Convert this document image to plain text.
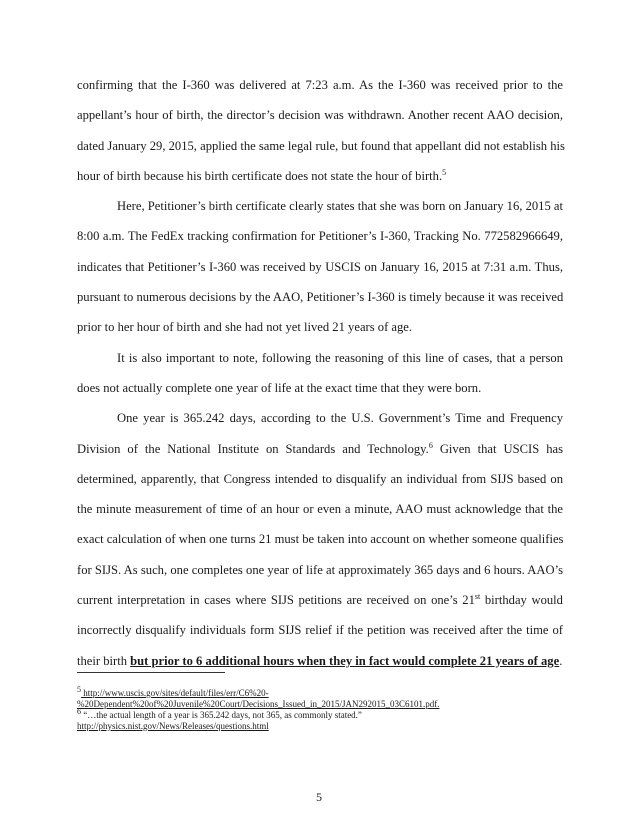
confirming that the I-360 was delivered at 7:23 a.m. As the I-360 was received prior to the
appellant’s hour of birth, the director’s decision was withdrawn. Another recent AAO decision,
dated January 29, 2015, applied the same legal rule, but found that appellant did not establish his
hour of birth because his birth certificate does not state the hour of birth.$^5$

Here, Petitioner’s birth certificate clearly states that she was born on January 16, 2015 at
8:00 a.m. The FedEx tracking confirmation for Petitioner’s I-360, Tracking No. 772582966649,
indicates that Petitioner’s I-360 was received by USCIS on January 16, 2015 at 7:31 a.m. Thus,
pursuant to numerous decisions by the AAO, Petitioner’s I-360 is timely because it was received
prior to her hour of birth and she had not yet lived 21 years of age.

It is also important to note, following the reasoning of this line of cases, that a person
does not actually complete one year of life at the exact time that they were born.

One year is 365.242 days, according to the U.S. Government’s Time and Frequency
Division of the National Institute on Standards and Technology.$^6$ Given that USCIS has
determined, apparently, that Congress intended to disqualify an individual from SIJS based on
the minute measurement of time of an hour or even a minute, AAO must acknowledge that the
exact calculation of when one turns 21 must be taken into account on whether someone qualifies
for SIJS. As such, one completes one year of life at approximately 365 days and 6 hours. AAO’s
current interpretation in cases where SIJS petitions are received on one’s 21st birthday would
incorrectly disqualify individuals form SIJS relief if the petition was received after the time of
their birth but prior to 6 additional hours when they in fact would complete 21 years of age.

$^5$ http://www.uscis.gov/sites/default/files/err/C6%20-

%20Dependent%20of%20Juvenile%20Court/Decisions_Issued_in_2015/JAN292015_03C6101.pdf.

$^6$ “…the actual length of a year is 365.242 days, not 365, as commonly stated.”

http://physics.nist.gov/News/Releases/questions.html

5
